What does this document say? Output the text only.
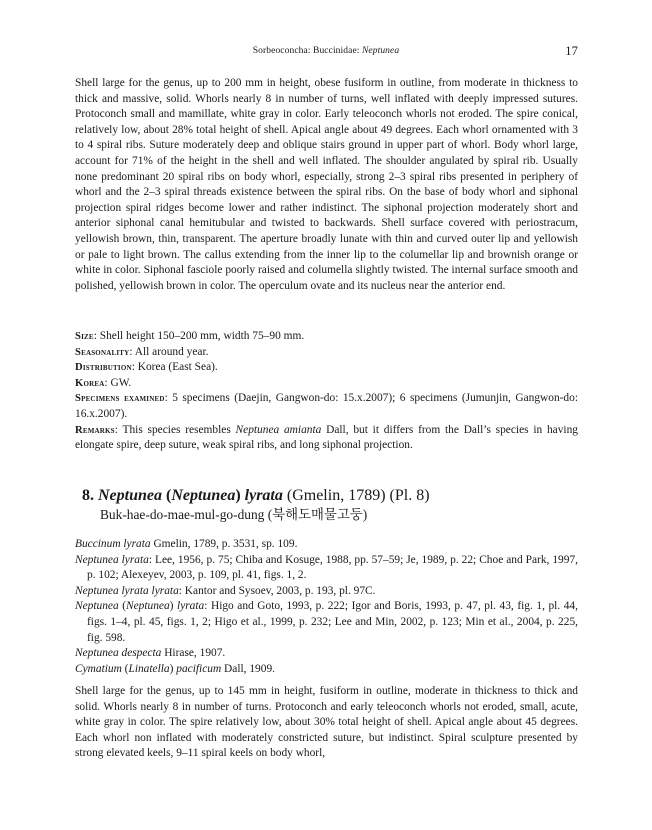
Sorbeoconcha: Buccinidae: Neptunea	17

Shell large for the genus, up to 200 mm in height, obese fusiform in outline, from moderate in thickness to thick and massive, solid. Whorls nearly 8 in number of turns, well inflated with deeply impressed sutures. Protoconch small and mamillate, white gray in color. Early teleoconch whorls not eroded. The spire conical, relatively low, about 28% total height of shell. Apical angle about 49 degrees. Each whorl ornamented with 3 to 4 spiral ribs. Suture moderately deep and oblique stairs ground in upper part of whorl. Body whorl large, account for 71% of the height in the shell and well inflated. The shoulder angulated by spiral rib. Usually none predominant 20 spiral ribs on body whorl, especially, strong 2–3 spiral ribs presented in periphery of whorl and the 2–3 spiral threads existence between the spiral ribs. On the base of body whorl and siphonal projection spiral ridges become lower and rather indistinct. The siphonal projection moderately short and anterior siphonal canal hemitubular and twisted to backwards. Shell surface covered with periostracum, yellowish brown, thin, transparent. The aperture broadly lunate with thin and curved outer lip and yellowish or pale to light brown. The callus extending from the inner lip to the columellar lip and brownish orange or white in color. Siphonal fasciole poorly raised and columella slightly twisted. The internal surface smooth and polished, yellowish brown in color. The operculum ovate and its nucleus near the anterior end.

Size: Shell height 150–200 mm, width 75–90 mm.

Seasonality: All around year.

Distribution: Korea (East Sea).

Korea: GW.

Specimens examined: 5 specimens (Daejin, Gangwon-do: 15.x.2007); 6 specimens (Jumunjin, Gangwon-do: 16.x.2007).

Remarks: This species resembles Neptunea amianta Dall, but it differs from the Dall’s species in having elongate spire, deep suture, weak spiral ribs, and long siphonal projection.

8. Neptunea (Neptunea) lyrata (Gmelin, 1789) (Pl. 8)
Buk-hae-do-mae-mul-go-dung (북해도매물고둥)

Buccinum lyrata Gmelin, 1789, p. 3531, sp. 109.

Neptunea lyrata: Lee, 1956, p. 75; Chiba and Kosuge, 1988, pp. 57–59; Je, 1989, p. 22; Choe and Park, 1997, p. 102; Alexeyev, 2003, p. 109, pl. 41, figs. 1, 2.

Neptunea lyrata lyrata: Kantor and Sysoev, 2003, p. 193, pl. 97C.

Neptunea (Neptunea) lyrata: Higo and Goto, 1993, p. 222; Igor and Boris, 1993, p. 47, pl. 43, fig. 1, pl. 44, figs. 1–4, pl. 45, figs. 1, 2; Higo et al., 1999, p. 232; Lee and Min, 2002, p. 123; Min et al., 2004, p. 225, fig. 598.

Neptunea despecta Hirase, 1907.

Cymatium (Linatella) pacificum Dall, 1909.

Shell large for the genus, up to 145 mm in height, fusiform in outline, moderate in thickness to thick and solid. Whorls nearly 8 in number of turns. Protoconch and early teleoconch whorls not eroded, small, acute, white gray in color. The spire relatively low, about 30% total height of shell. Apical angle about 45 degrees. Each whorl non inflated with moderately constricted suture, but indistinct. Spiral sculpture presented by strong elevated keels, 9–11 spiral keels on body whorl,
